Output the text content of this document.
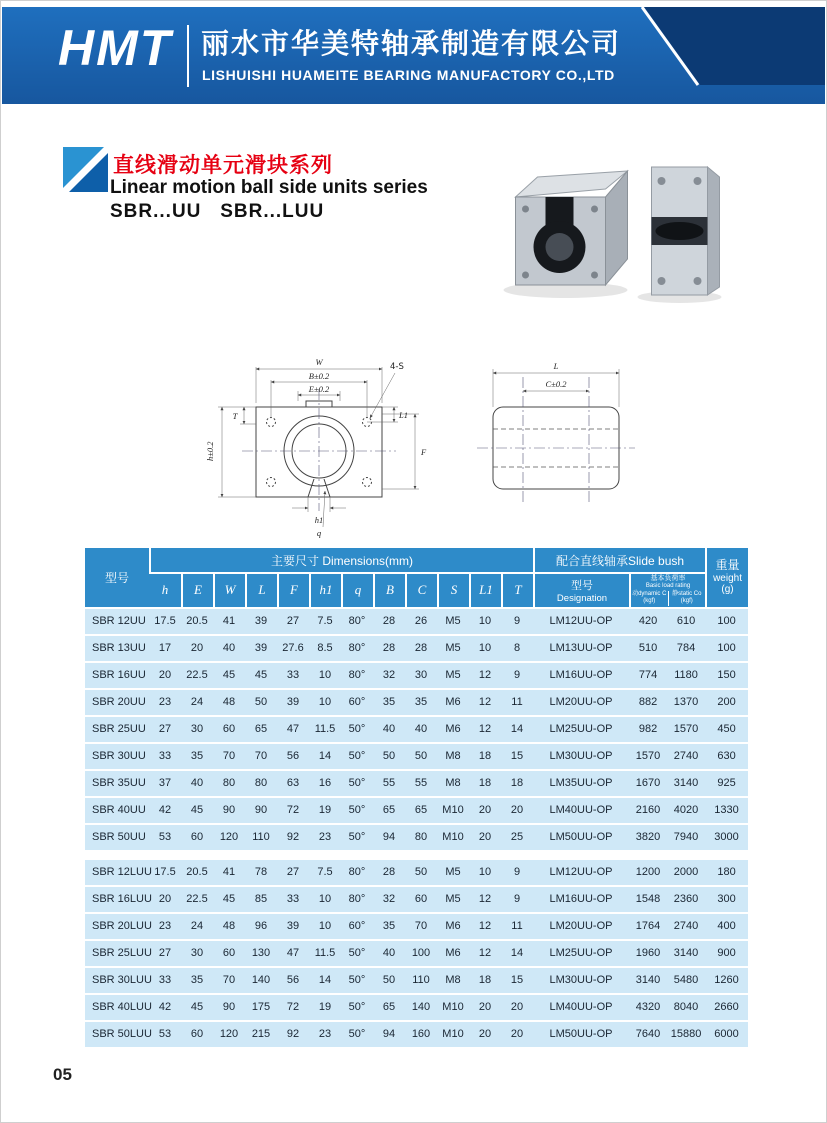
HMT 丽水市华美特轴承制造有限公司
LISHUISHI HUAMEITE BEARING MANUFACTORY CO.,LTD
直线滑动单元滑块系列
Linear motion ball side units series
SBR...UU   SBR...LUU
W
B±0.2
E±0.2
4-S
T
h±0.2
L1
F
h1
q
L
C±0.2
型号	主要尺寸 Dimensions(mm)												配合直线轴承Slide bush			重量
weight
(g)

h	E	W	L	F	h1	q	B	C	S	L1	T	型号
Designation

基本负荷率
Basic load rating
动dynamic C (kgf)
静static Co (kgf)

SBR 12UU	17.5	20.5	41	39	27	7.5	80°	28	26	M5	10	9	LM12UU-OP	420	610	100
SBR 13UU	17	20	40	39	27.6	8.5	80°	28	28	M5	10	8	LM13UU-OP	510	784	100
SBR 16UU	20	22.5	45	45	33	10	80°	32	30	M5	12	9	LM16UU-OP	774	1180	150
SBR 20UU	23	24	48	50	39	10	60°	35	35	M6	12	11	LM20UU-OP	882	1370	200
SBR 25UU	27	30	60	65	47	11.5	50°	40	40	M6	12	14	LM25UU-OP	982	1570	450
SBR 30UU	33	35	70	70	56	14	50°	50	50	M8	18	15	LM30UU-OP	1570	2740	630
SBR 35UU	37	40	80	80	63	16	50°	55	55	M8	18	18	LM35UU-OP	1670	3140	925
SBR 40UU	42	45	90	90	72	19	50°	65	65	M10	20	20	LM40UU-OP	2160	4020	1330
SBR 50UU	53	60	120	110	92	23	50°	94	80	M10	20	25	LM50UU-OP	3820	7940	3000

SBR 12LUU	17.5	20.5	41	78	27	7.5	80°	28	50	M5	10	9	LM12UU-OP	1200	2000	180
SBR 16LUU	20	22.5	45	85	33	10	80°	32	60	M5	12	9	LM16UU-OP	1548	2360	300
SBR 20LUU	23	24	48	96	39	10	60°	35	70	M6	12	11	LM20UU-OP	1764	2740	400
SBR 25LUU	27	30	60	130	47	11.5	50°	40	100	M6	12	14	LM25UU-OP	1960	3140	900
SBR 30LUU	33	35	70	140	56	14	50°	50	110	M8	18	15	LM30UU-OP	3140	5480	1260
SBR 40LUU	42	45	90	175	72	19	50°	65	140	M10	20	20	LM40UU-OP	4320	8040	2660
SBR 50LUU	53	60	120	215	92	23	50°	94	160	M10	20	20	LM50UU-OP	7640	15880	6000
05
